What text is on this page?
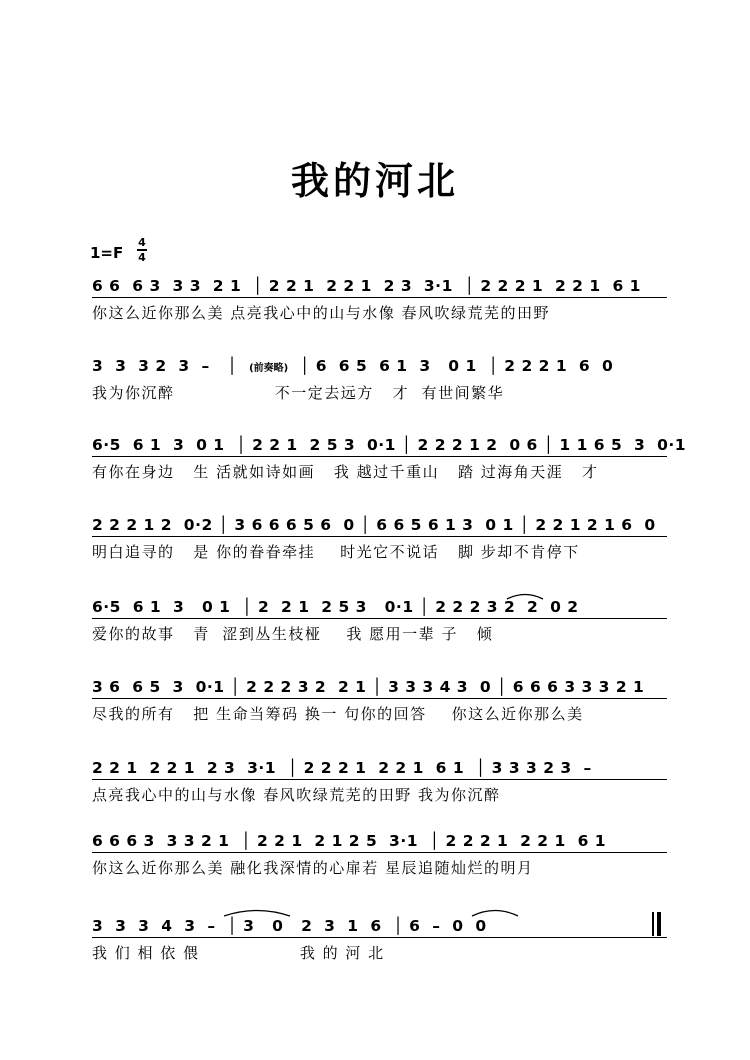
我的河北
1=F
4
4
6 6  6 3  3 3  2 1  │ 2 2 1  2 2 1  2 3  3·1  │ 2 2 2 1  2 2 1  6 1
你这么近你那么美 点亮我心中的山与水像 春风吹绿荒芜的田野
3  3  3 2  3  –   │ (前奏略) │ 6  6 5  6 1  3   0 1  │ 2 2 2 1  6  0
我为你沉醉                不一定去远方   才  有世间繁华
6·5  6 1  3  0 1  │ 2 2 1  2 5 3  0·1 │ 2 2 2 1 2  0 6 │ 1 1 6 5  3  0·1
有你在身边   生 活就如诗如画   我 越过千重山   踏 过海角天涯   才
2 2 2 1 2  0·2 │ 3 6 6 6 5 6  0 │ 6 6 5 6 1 3  0 1 │ 2 2 1 2 1 6  0
明白追寻的   是 你的眷眷牵挂    时光它不说话   脚 步却不肯停下
6·5  6 1  3   0 1  │ 2  2 1  2 5 3   0·1 │ 2 2 2 3 2  2  0 2
爱你的故事   青  涩到丛生枝桠    我 愿用一辈 子   倾
3 6  6 5  3  0·1 │ 2 2 2 3 2  2 1 │ 3 3 3 4 3  0 │ 6 6 6 3 3 3 2 1
尽我的所有   把 生命当筹码 换一 句你的回答    你这么近你那么美
2 2 1  2 2 1  2 3  3·1  │ 2 2 2 1  2 2 1  6 1  │ 3 3 3 2 3  –
点亮我心中的山与水像 春风吹绿荒芜的田野 我为你沉醉
6 6 6 3  3 3 2 1  │ 2 2 1  2 1 2 5  3·1  │ 2 2 2 1  2 2 1  6 1
你这么近你那么美 融化我深情的心扉若 星辰追随灿烂的明月
3  3  3  4  3  –  │ 3   0   2  3  1  6  │ 6  –  0  0
我 们 相 依 偎                我 的 河 北
